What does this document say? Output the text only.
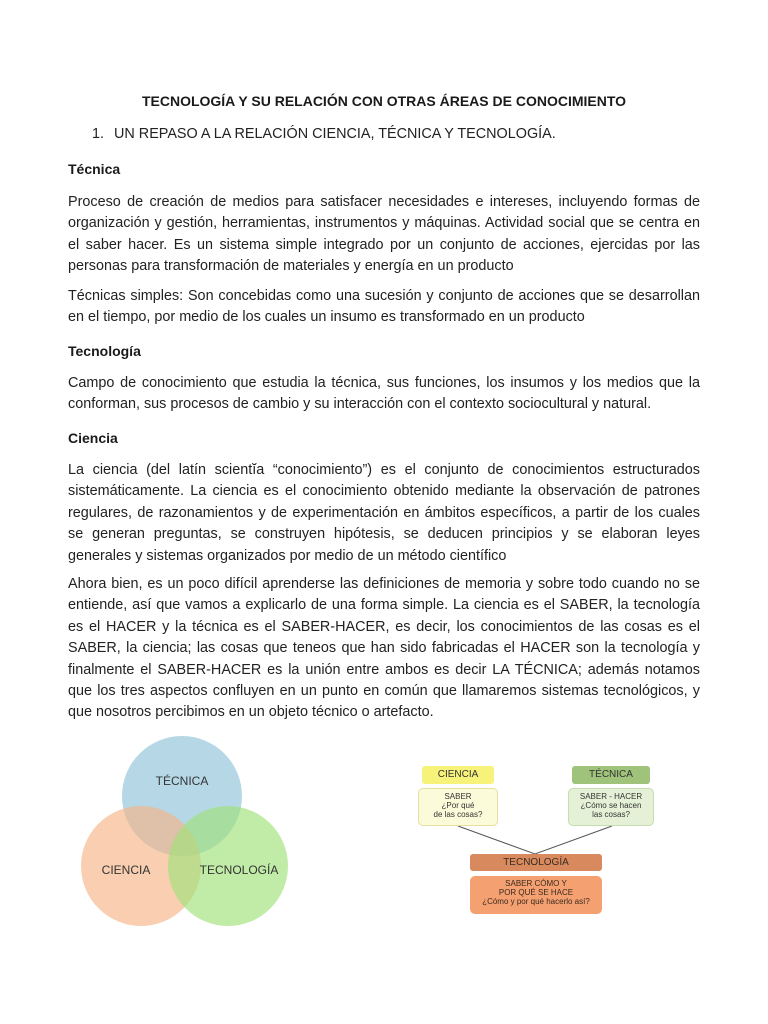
TECNOLOGÍA Y SU RELACIÓN CON OTRAS ÁREAS DE CONOCIMIENTO
1. UN REPASO A LA RELACIÓN CIENCIA, TÉCNICA Y TECNOLOGÍA.
Técnica
Proceso de creación de medios para satisfacer necesidades e intereses, incluyendo formas de organización y gestión, herramientas, instrumentos y máquinas. Actividad social que se centra en el saber hacer. Es un sistema simple integrado por un conjunto de acciones, ejercidas por las personas para transformación de materiales y energía en un producto
Técnicas simples: Son concebidas como una sucesión y conjunto de acciones que se desarrollan en el tiempo, por medio de los cuales un insumo es transformado en un producto
Tecnología
Campo de conocimiento que estudia la técnica, sus funciones, los insumos y los medios que la conforman, sus procesos de cambio y su interacción con el contexto sociocultural y natural.
Ciencia
La ciencia (del latín scientĭa “conocimiento”) es el conjunto de conocimientos estructurados sistemáticamente. La ciencia es el conocimiento obtenido mediante la observación de patrones regulares, de razonamientos y de experimentación en ámbitos específicos, a partir de los cuales se generan preguntas, se construyen hipótesis, se deducen principios y se elaboran leyes generales y sistemas organizados por medio de un método científico
Ahora bien, es un poco difícil aprenderse las definiciones de memoria y sobre todo cuando no se entiende, así que vamos a explicarlo de una forma simple. La ciencia es el SABER, la tecnología es el HACER y la técnica es el SABER-HACER, es decir, los conocimientos de las cosas es el SABER, la ciencia; las cosas que teneos que han sido fabricadas el HACER son la tecnología y finalmente el SABER-HACER es la unión entre ambos es decir LA TÉCNICA; además notamos que los tres aspectos confluyen en un punto en común que llamaremos sistemas tecnológicos, y que nosotros percibimos en un objeto técnico o artefacto.
TÉCNICA
CIENCIA	TECNOLOGÍA
CIENCIA
SABER
¿Por qué
de las cosas?
TÉCNICA
SABER - HACER
¿Cómo se hacen
las cosas?
TECNOLOGÍA
SABER CÓMO Y
POR QUÉ SE HACE
¿Cómo y por qué hacerlo así?
